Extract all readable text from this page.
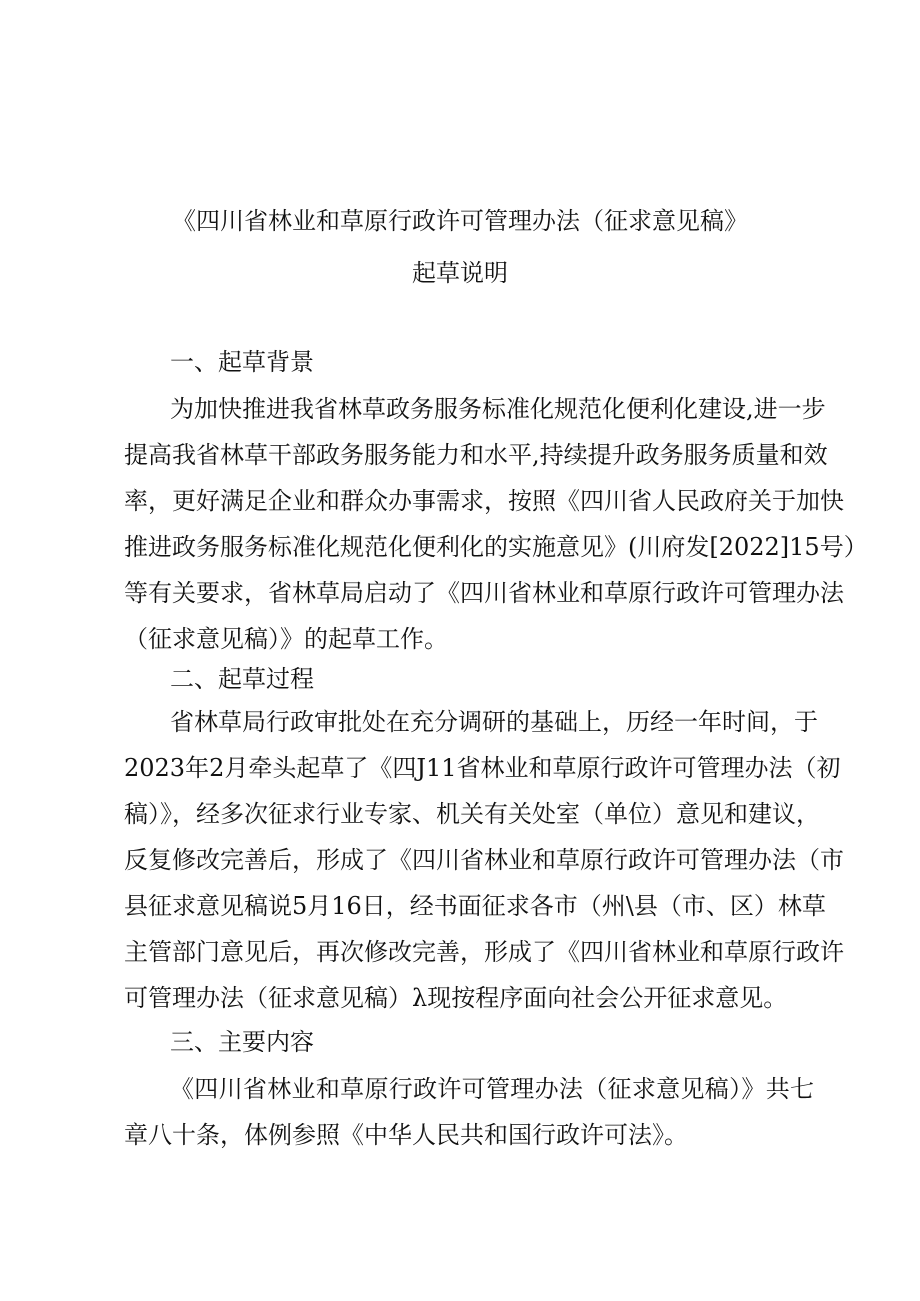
《四川省林业和草原行政许可管理办法（征求意见稿》
起草说明
一、起草背景
为加快推进我省林草政务服务标准化规范化便利化建设,进一步
提高我省林草干部政务服务能力和水平,持续提升政务服务质量和效
率，更好满足企业和群众办事需求，按照《四川省人民政府关于加快
推进政务服务标准化规范化便利化的实施意见》(川府发[2022]15号）
等有关要求，省林草局启动了《四川省林业和草原行政许可管理办法
（征求意见稿）》的起草工作。
二、起草过程
省林草局行政审批处在充分调研的基础上，历经一年时间，于
2023年2月牵头起草了《四J11省林业和草原行政许可管理办法（初
稿）》，经多次征求行业专家、机关有关处室（单位）意见和建议，
反复修改完善后，形成了《四川省林业和草原行政许可管理办法（市
县征求意见稿说5月16日，经书面征求各市（州\县（市、区）林草
主管部门意见后，再次修改完善，形成了《四川省林业和草原行政许
可管理办法（征求意见稿）λ现按程序面向社会公开征求意见。
三、主要内容
《四川省林业和草原行政许可管理办法（征求意见稿）》共七
章八十条，体例参照《中华人民共和国行政许可法》。
